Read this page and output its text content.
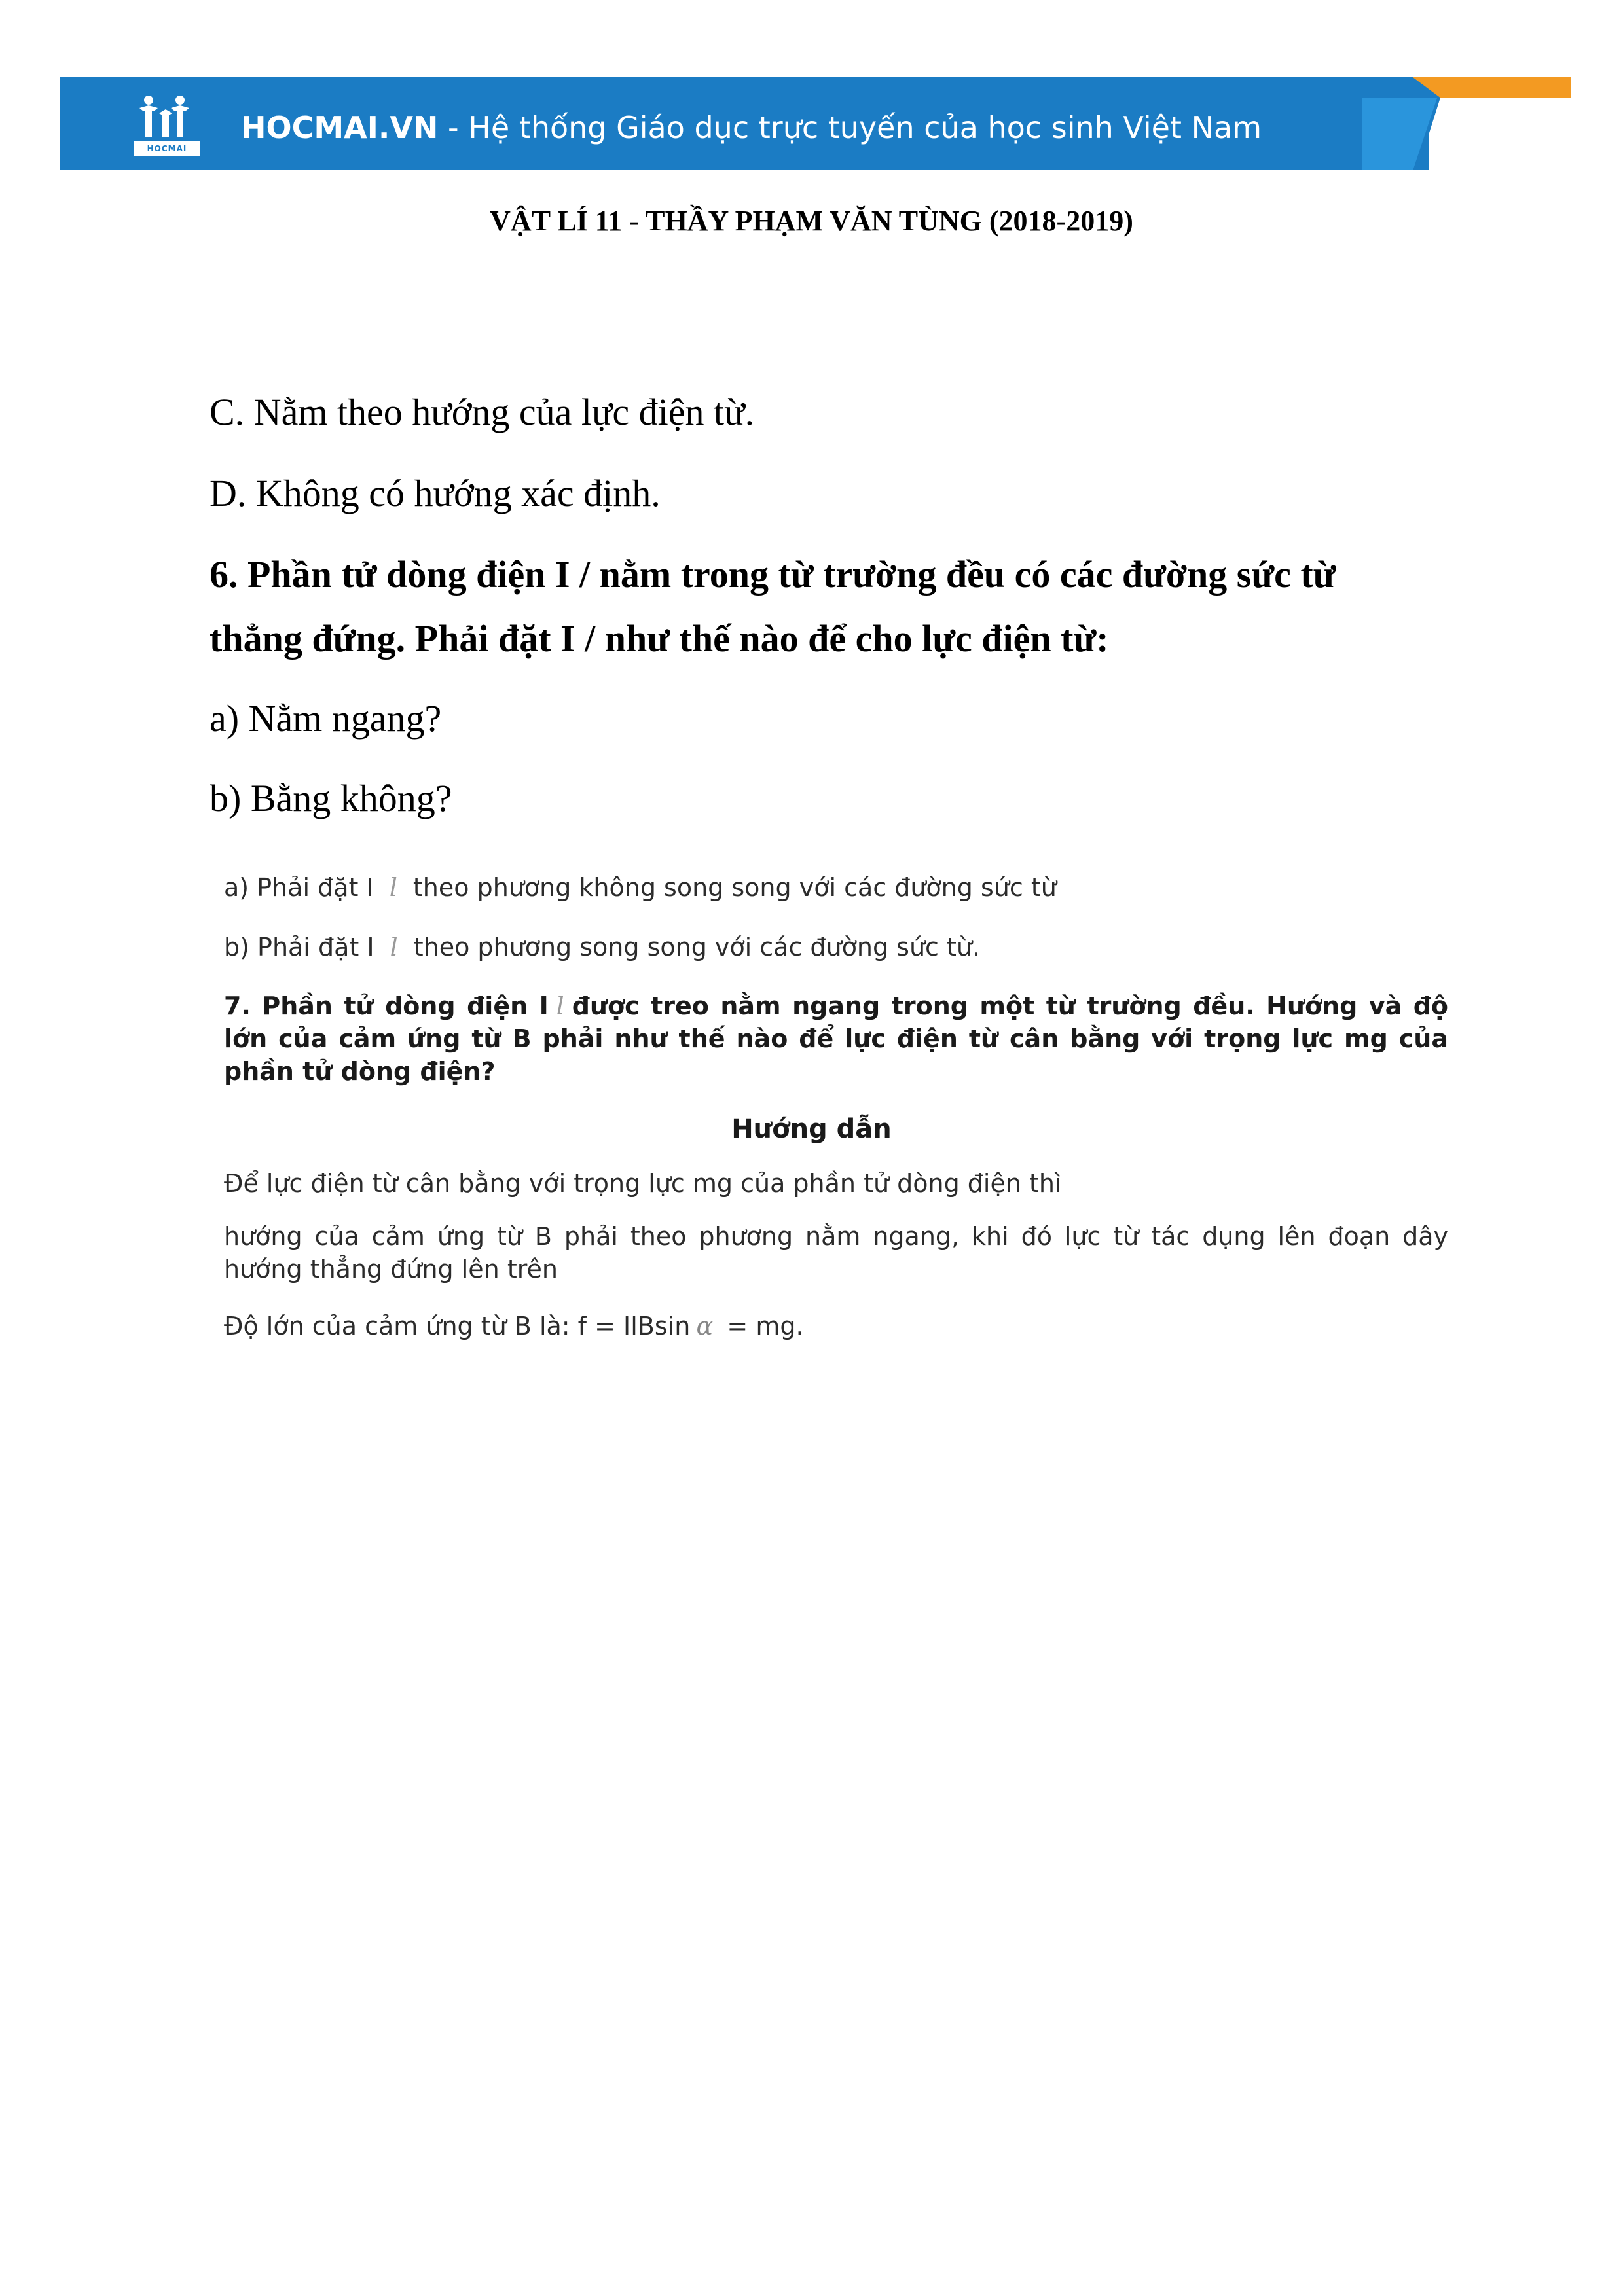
HOCMAI
HOCMAI.VN - Hệ thống Giáo dục trực tuyến của học sinh Việt Nam
VẬT LÍ 11 - THẦY PHẠM VĂN TÙNG (2018-2019)
C. Nằm theo hướng của lực điện từ.
D. Không có hướng xác định.
6. Phần tử dòng điện I / nằm trong từ trường đều có các đường sức từ
thẳng đứng. Phải đặt I / như thế nào để cho lực điện từ:
a) Nằm ngang?
b) Bằng không?
a) Phải đặt I l theo phương không song song với các đường sức từ
b) Phải đặt I l theo phương song song với các đường sức từ.
7. Phần tử dòng điện I l được treo nằm ngang trong một từ trường đều. Hướng và độ lớn của cảm ứng từ B phải như thế nào để lực điện từ cân bằng với trọng lực mg của phần tử dòng điện?
Hướng dẫn
Để lực điện từ cân bằng với trọng lực mg của phần tử dòng điện thì
hướng của cảm ứng từ B phải theo phương nằm ngang, khi đó lực từ tác dụng lên đoạn dây hướng thẳng đứng lên trên
Độ lớn của cảm ứng từ B là: f = IlBsin α = mg.
